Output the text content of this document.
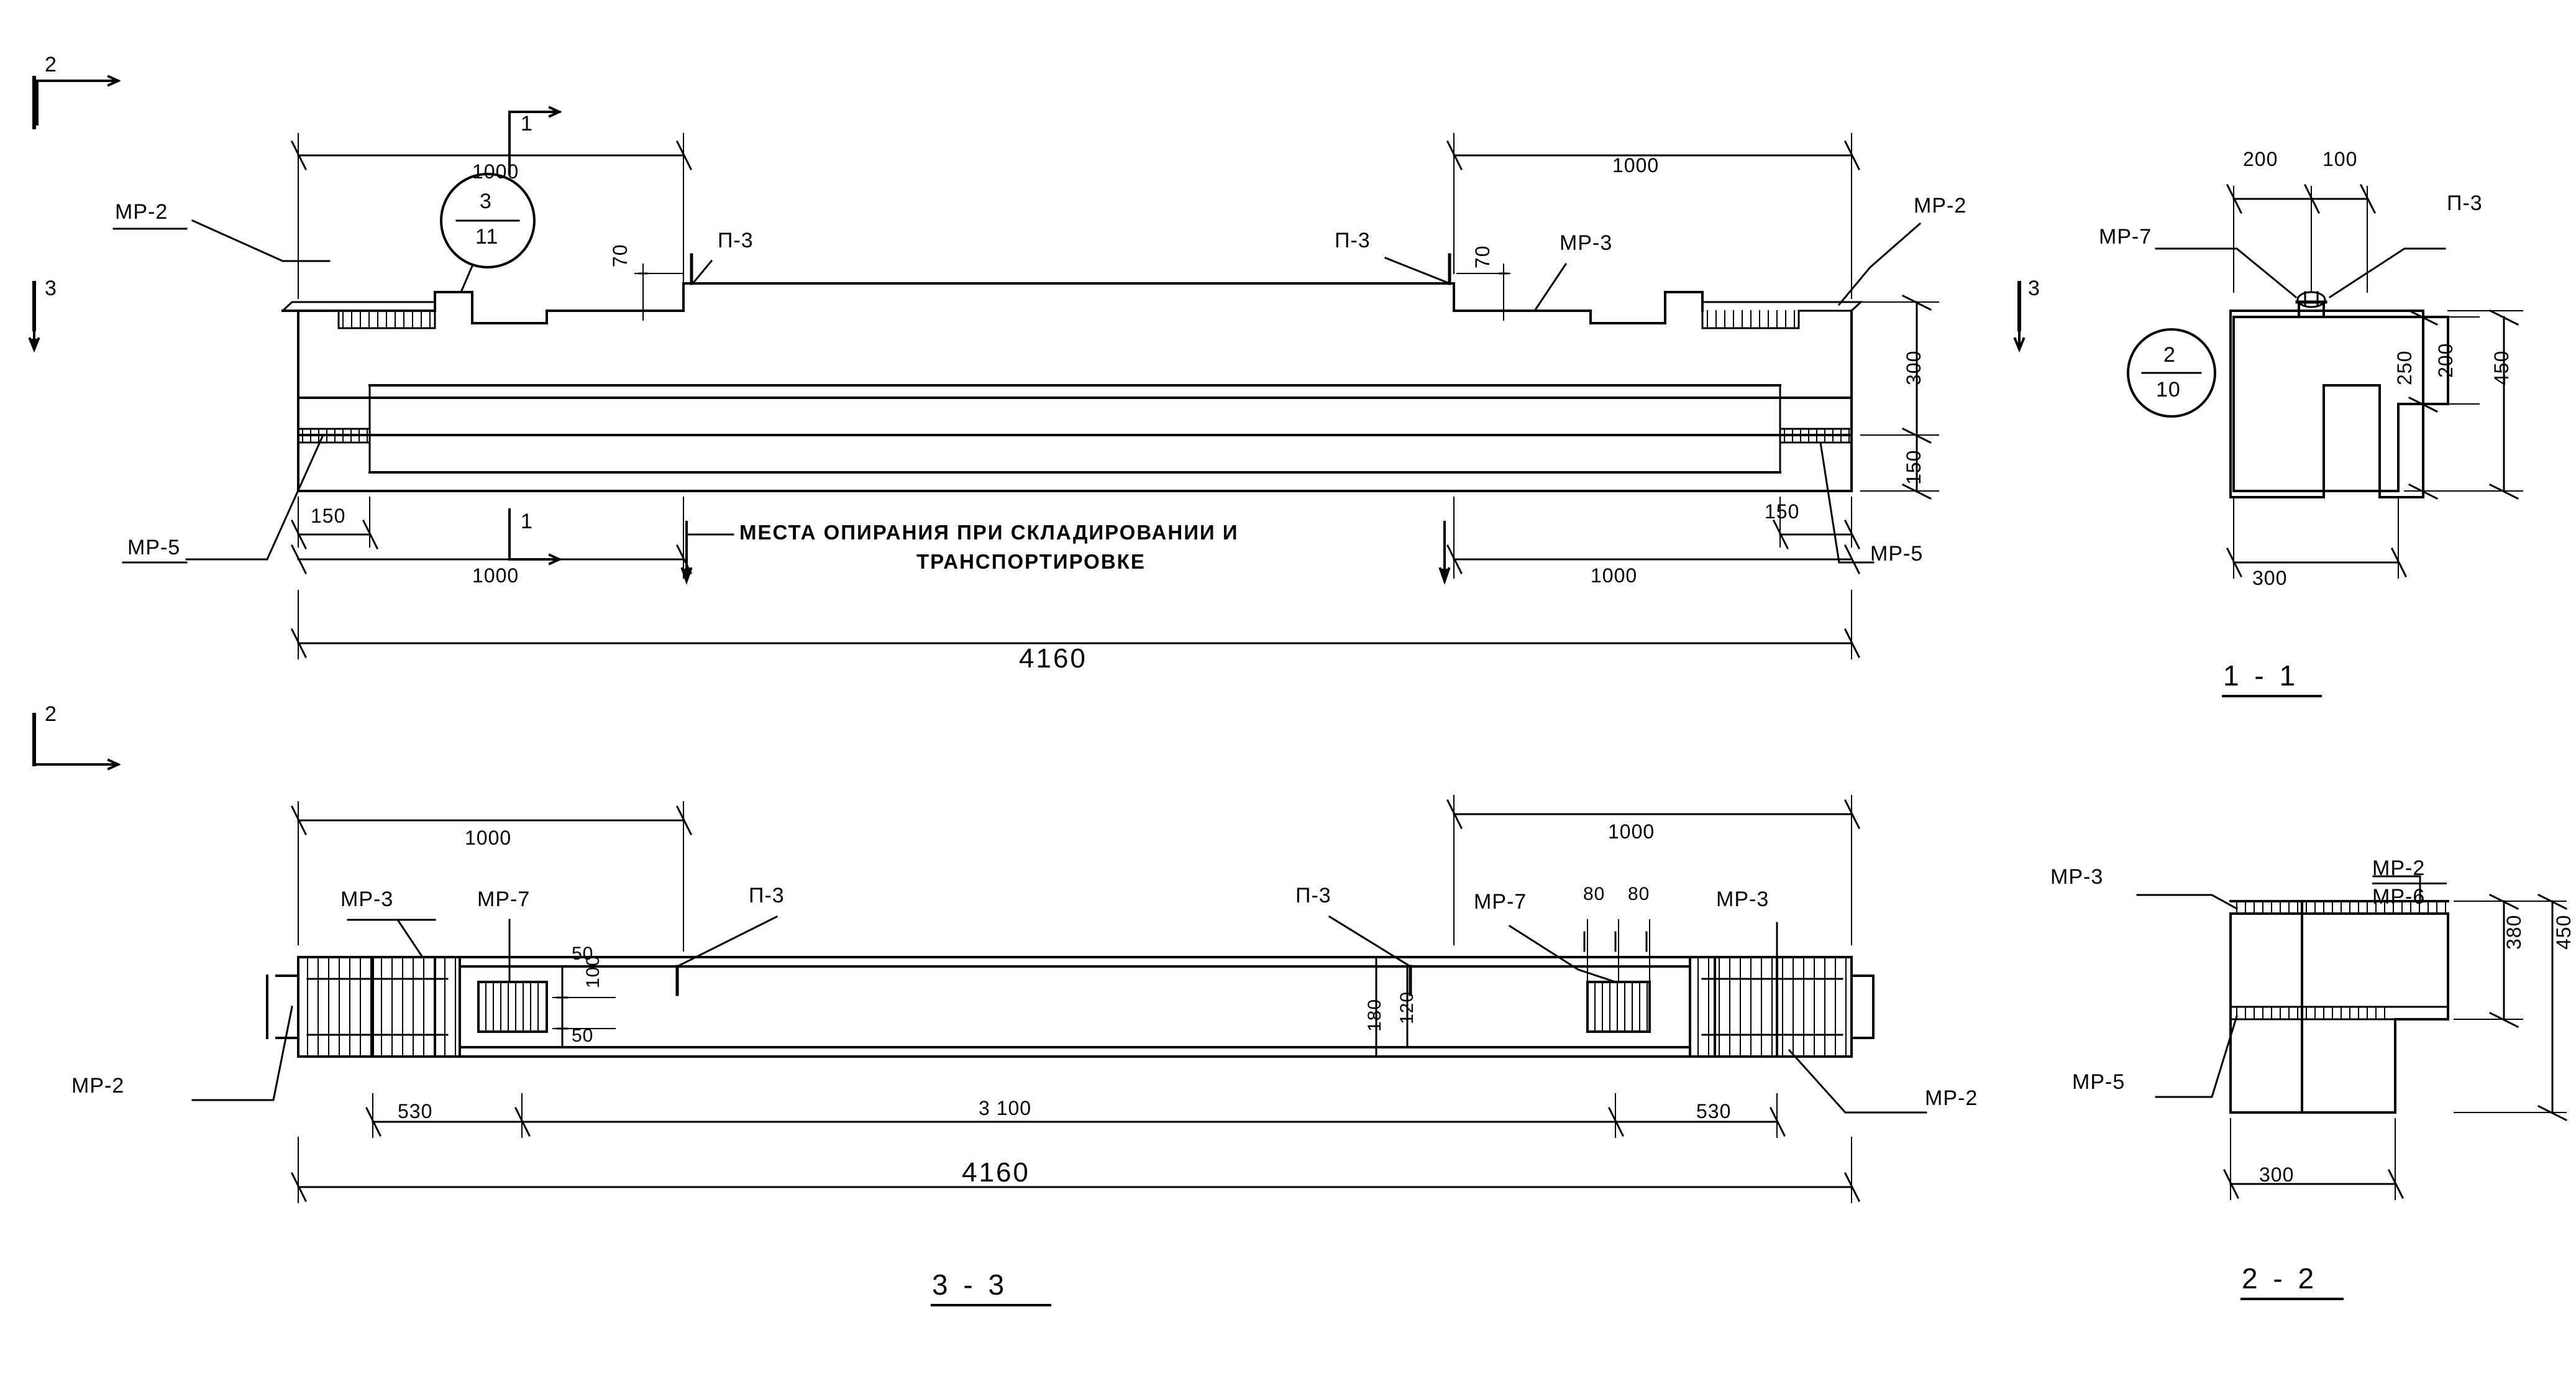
МР-2
МР-5
П-3	П-3	МР-3
МР-2
МР-5
1000	1000
70	70
150	150
300
150
1000	1000
4160
3
11
2
3
1
1
3
2
МЕСТА ОПИРАНИЯ ПРИ СКЛАДИРОВАНИИ И
ТРАНСПОРТИРОВКЕ
МР-7
П-3
200 100
250 200 450
300
2
10
1 - 1
МР-3	МР-7	П-3
МР-2
П-3	МР-7	МР-3
МР-2
1000	1000
50
100
50
80 80
180 120
530	3 100	530
4160
3 - 3
МР-3	МР-2
МР-6
МР-5
380 450
300
2 - 2
